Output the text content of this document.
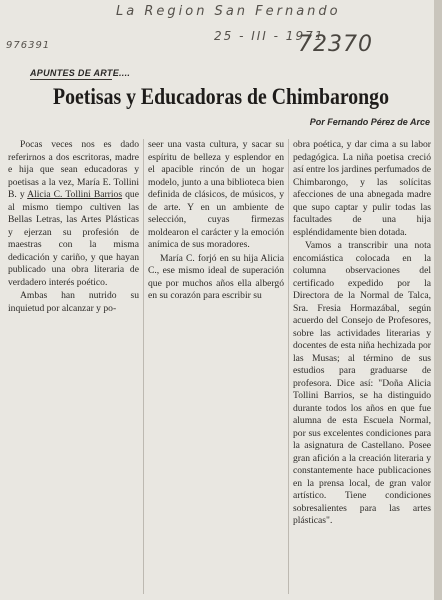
La Region San Fernando
25 - III - 1971
72370
976391
APUNTES DE ARTE....
Poetisas y Educadoras de Chimbarongo
Por Fernando Pérez de Arce

Pocas veces nos es dado referirnos a dos escritoras, madre e hija que sean educadoras y poetisas a la vez, María E. Tollini B. y Alicia C. Tollini Barrios que al mismo tiempo cultiven las Bellas Letras, las Artes Plásticas y ejerzan su profesión de maestras con la misma dedicación y cariño, y que hayan publicado una obra literaria de verdadero interés poético.

Ambas han nutrido su inquietud por alcanzar y po-

seer una vasta cultura, y sacar su espíritu de belleza y esplendor en el apacible rincón de un hogar modelo, junto a una biblioteca bien definida de clásicos, de músicos, y de arte. Y en un ambiente de selección, cuyas firmezas moldearon el carácter y la emoción anímica de sus moradores.

María C. forjó en su hija Alicia C., ese mismo ideal de superación que por muchos años ella albergó en su corazón para escribir su

obra poética, y dar cima a su labor pedagógica. La niña poetisa creció así entre los jardines perfumados de Chimbarongo, y las solícitas afecciones de una abnegada madre que supo captar y pulir todas las facultades de una hija espléndidamente bien dotada.

Vamos a transcribir una nota encomiástica colocada en la columna observaciones del certificado expedido por la Directora de la Normal de Talca, Sra. Fresia Hormazábal, según acuerdo del Consejo de Profesores, sobre las actividades literarias y docentes de esta niña hechizada por las Musas; al término de sus estudios para graduarse de profesora. Dice así: "Doña Alicia Tollini Barrios, se ha distinguido durante todos los años en que fue alumna de esta Escuela Normal, por sus excelentes condiciones para la asignatura de Castellano. Posee gran afición a la creación literaria y constantemente hace publicaciones en la prensa local, de gran valor artístico. Tiene condiciones sobresalientes para las artes plásticas".
